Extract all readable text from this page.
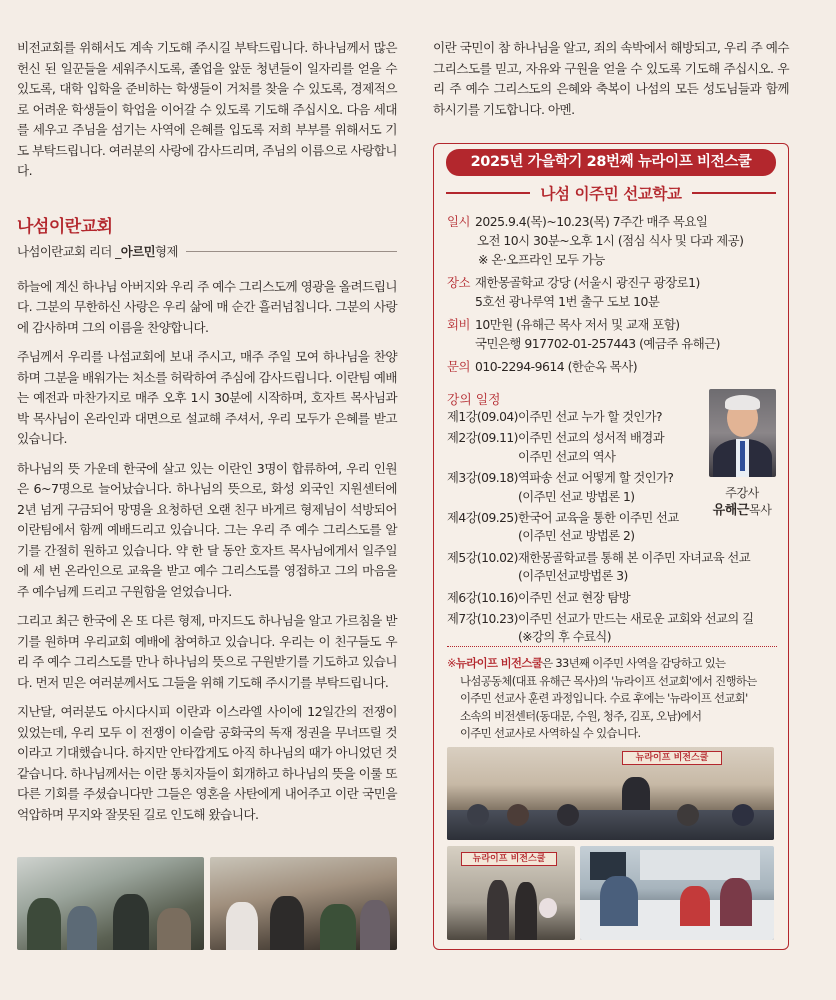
비전교회를 위해서도 계속 기도해 주시길 부탁드립니다. 하나님께서 많은 헌신 된 일꾼들을 세워주시도록, 졸업을 앞둔 청년들이 일자리를 얻을 수 있도록, 대학 입학을 준비하는 학생들이 거처를 찾을 수 있도록, 경제적으로 어려운 학생들이 학업을 이어갈 수 있도록 기도해 주십시오. 다음 세대를 세우고 주님을 섬기는 사역에 은혜를 입도록 저희 부부를 위해서도 기도 부탁드립니다. 여러분의 사랑에 감사드리며, 주님의 이름으로 사랑합니다.

나섬이란교회
나섬이란교회 리더 _ 아르민 형제

하늘에 계신 하나님 아버지와 우리 주 예수 그리스도께 영광을 올려드립니다. 그분의 무한하신 사랑은 우리 삶에 매 순간 흘러넘칩니다. 그분의 사랑에 감사하며 그의 이름을 찬양합니다.

주님께서 우리를 나섬교회에 보내 주시고, 매주 주일 모여 하나님을 찬양하며 그분을 배워가는 처소를 허락하여 주심에 감사드립니다. 이란팀 예배는 예전과 마찬가지로 매주 오후 1시 30분에 시작하며, 호자트 목사님과 박 목사님이 온라인과 대면으로 설교해 주셔서, 우리 모두가 은혜를 받고 있습니다.

하나님의 뜻 가운데 한국에 살고 있는 이란인 3명이 합류하여, 우리 인원은 6~7명으로 늘어났습니다. 하나님의 뜻으로, 화성 외국인 지원센터에 2년 넘게 구금되어 망명을 요청하던 오랜 친구 바게르 형제님이 석방되어 이란팀에서 함께 예배드리고 있습니다. 그는 우리 주 예수 그리스도를 알기를 간절히 원하고 있습니다. 약 한 달 동안 호자트 목사님에게서 일주일에 세 번 온라인으로 교육을 받고 예수 그리스도를 영접하고 그의 마음을 주 예수님께 드리고 구원함을 얻었습니다.

그리고 최근 한국에 온 또 다른 형제, 마지드도 하나님을 알고 가르침을 받기를 원하며 우리교회 예배에 참여하고 있습니다. 우리는 이 친구들도 우리 주 예수 그리스도를 만나 하나님의 뜻으로 구원받기를 기도하고 있습니다. 먼저 믿은 여러분께서도 그들을 위해 기도해 주시기를 부탁드립니다.

지난달, 여러분도 아시다시피 이란과 이스라엘 사이에 12일간의 전쟁이 있었는데, 우리 모두 이 전쟁이 이슬람 공화국의 독재 정권을 무너뜨릴 것이라고 기대했습니다. 하지만 안타깝게도 아직 하나님의 때가 아니었던 것 같습니다. 하나님께서는 이란 통치자들이 회개하고 하나님의 뜻을 이룰 또 다른 기회를 주셨습니다만 그들은 영혼을 사탄에게 내어주고 이란 국민을 억압하며 무지와 잘못된 길로 인도해 왔습니다.

이란 국민이 참 하나님을 알고, 죄의 속박에서 해방되고, 우리 주 예수 그리스도를 믿고, 자유와 구원을 얻을 수 있도록 기도해 주십시오. 우리 주 예수 그리스도의 은혜와 축복이 나섬의 모든 성도님들과 함께하시기를 기도합니다. 아멘.

2025년 가을학기 28번째 뉴라이프 비전스쿨
나섬 이주민 선교학교
일시 2025.9.4(목)~10.23(목) 7주간 매주 목요일
오전 10시 30분~오후 1시 (점심 식사 및 다과 제공)
※ 온·오프라인 모두 가능
장소 재한몽골학교 강당 (서울시 광진구 광장로1)
5호선 광나루역 1번 출구 도보 10분
회비 10만원 (유해근 목사 저서 및 교재 포함)
국민은행 917702-01-257443 (예금주 유해근)
문의 010-2294-9614 (한순옥 목사)
강의 일정
제1강(09.04) 이주민 선교 누가 할 것인가?
제2강(09.11) 이주민 선교의 성서적 배경과
이주민 선교의 역사
제3강(09.18) 역파송 선교 어떻게 할 것인가?
(이주민 선교 방법론 1)
제4강(09.25) 한국어 교육을 통한 이주민 선교
(이주민 선교 방법론 2)
제5강(10.02) 재한몽골학교를 통해 본 이주민 자녀교육 선교
(이주민선교방법론 3)
제6강(10.16) 이주민 선교 현장 탐방
제7강(10.23) 이주민 선교가 만드는 새로운 교회와 선교의 길
(※강의 후 수료식)
주강사
유해근목사
※뉴라이프 비전스쿨은 33년째 이주민 사역을 감당하고 있는
나섬공동체(대표 유해근 목사)의 '뉴라이프 선교회'에서 진행하는
이주민 선교사 훈련 과정입니다. 수료 후에는 '뉴라이프 선교회'
소속의 비전센터(동대문, 수원, 청주, 김포, 오남)에서
이주민 선교사로 사역하실 수 있습니다.
뉴라이프 비전스쿨
뉴라이프 비전스쿨
